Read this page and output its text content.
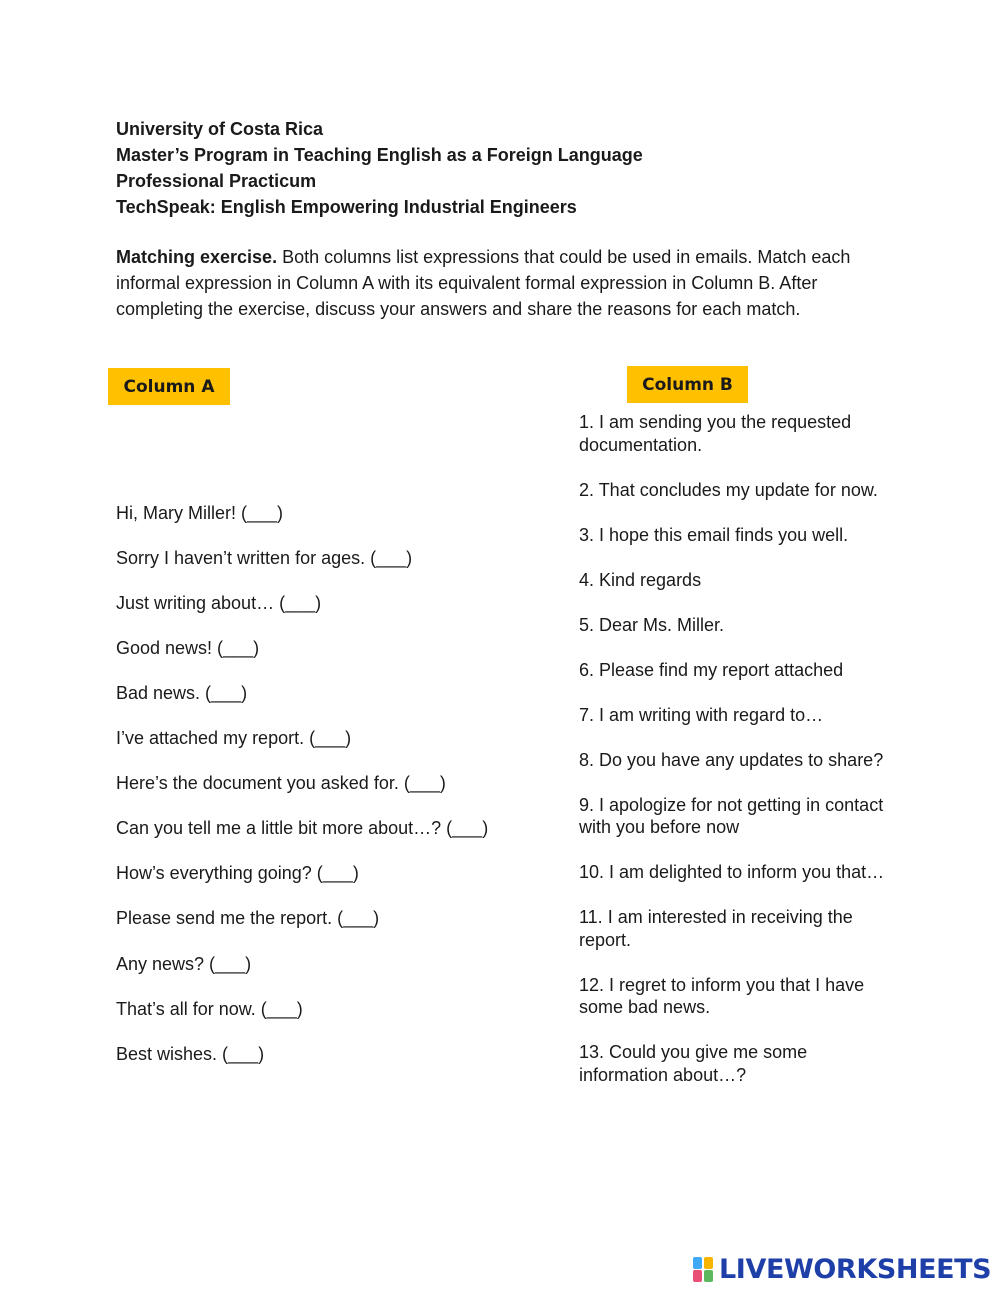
University of Costa Rica
Master’s Program in Teaching English as a Foreign Language
Professional Practicum
TechSpeak: English Empowering Industrial Engineers
Matching exercise. Both columns list expressions that could be used in emails. Match each informal expression in Column A with its equivalent formal expression in Column B. After completing the exercise, discuss your answers and share the reasons for each match.
Column A	Column B
Hi, Mary Miller! (___)
Sorry I haven’t written for ages. (___)
Just writing about… (___)
Good news! (___)
Bad news. (___)
I’ve attached my report. (___)
Here’s the document you asked for. (___)
Can you tell me a little bit more about…? (___)
How’s everything going? (___)
Please send me the report. (___)
Any news? (___)
That’s all for now. (___)
Best wishes. (___)
1. I am sending you the requested documentation.
2. That concludes my update for now.
3. I hope this email finds you well.
4. Kind regards
5. Dear Ms. Miller.
6. Please find my report attached
7. I am writing with regard to…
8. Do you have any updates to share?
9. I apologize for not getting in contact with you before now
10. I am delighted to inform you that…
11. I am interested in receiving the report.
12. I regret to inform you that I have some bad news.
13. Could you give me some information about…?
LIVEWORKSHEETS
